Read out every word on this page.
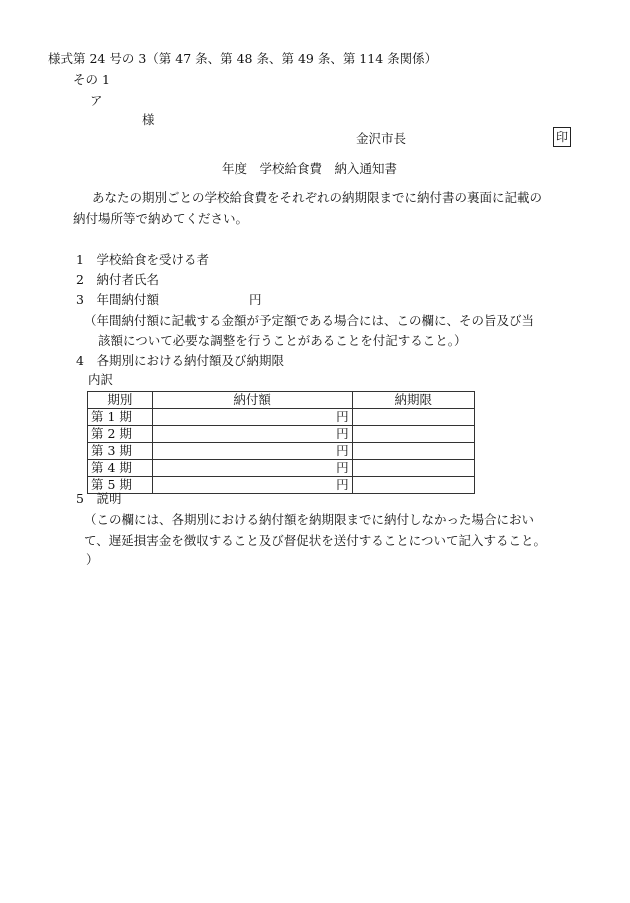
様式第 24 号の 3（第 47 条、第 48 条、第 49 条、第 114 条関係）
その 1
ア
様
金沢市長	印
年度　学校給食費　納入通知書
あなたの期別ごとの学校給食費をそれぞれの納期限までに納付書の裏面に記載の
納付場所等で納めてください。
1　学校給食を受ける者
2　納付者氏名
3　年間納付額	円
（年間納付額に記載する金額が予定額である場合には、この欄に、その旨及び当
該額について必要な調整を行うことがあることを付記すること。）
4　各期別における納付額及び納期限
内訳
期別	納付額	納期限
第 1 期	円	
第 2 期	円	
第 3 期	円	
第 4 期	円	
第 5 期	円	
5　説明
（この欄には、各期別における納付額を納期限までに納付しなかった場合におい
て、遅延損害金を徴収すること及び督促状を送付することについて記入すること。
）
